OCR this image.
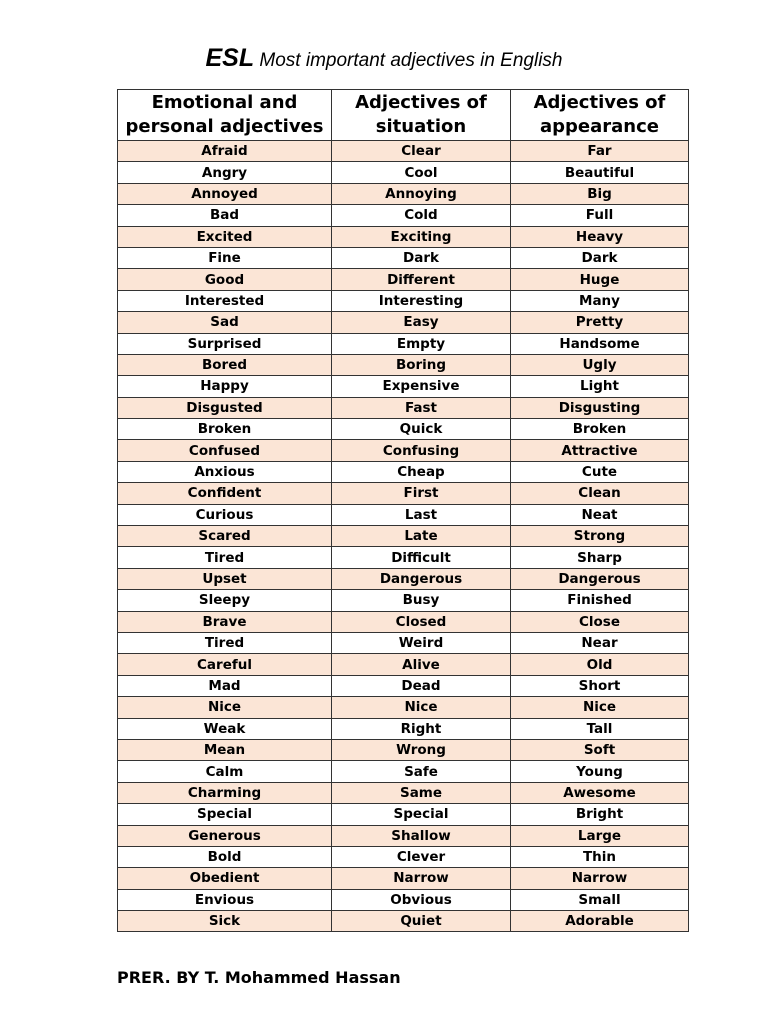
ESL Most important adjectives in English
Emotional and personal adjectives	Adjectives of situation	Adjectives of appearance
Afraid	Clear	Far
Angry	Cool	Beautiful
Annoyed	Annoying	Big
Bad	Cold	Full
Excited	Exciting	Heavy
Fine	Dark	Dark
Good	Different	Huge
Interested	Interesting	Many
Sad	Easy	Pretty
Surprised	Empty	Handsome
Bored	Boring	Ugly
Happy	Expensive	Light
Disgusted	Fast	Disgusting
Broken	Quick	Broken
Confused	Confusing	Attractive
Anxious	Cheap	Cute
Confident	First	Clean
Curious	Last	Neat
Scared	Late	Strong
Tired	Difficult	Sharp
Upset	Dangerous	Dangerous
Sleepy	Busy	Finished
Brave	Closed	Close
Tired	Weird	Near
Careful	Alive	Old
Mad	Dead	Short
Nice	Nice	Nice
Weak	Right	Tall
Mean	Wrong	Soft
Calm	Safe	Young
Charming	Same	Awesome
Special	Special	Bright
Generous	Shallow	Large
Bold	Clever	Thin
Obedient	Narrow	Narrow
Envious	Obvious	Small
Sick	Quiet	Adorable
PRER. BY T. Mohammed Hassan
